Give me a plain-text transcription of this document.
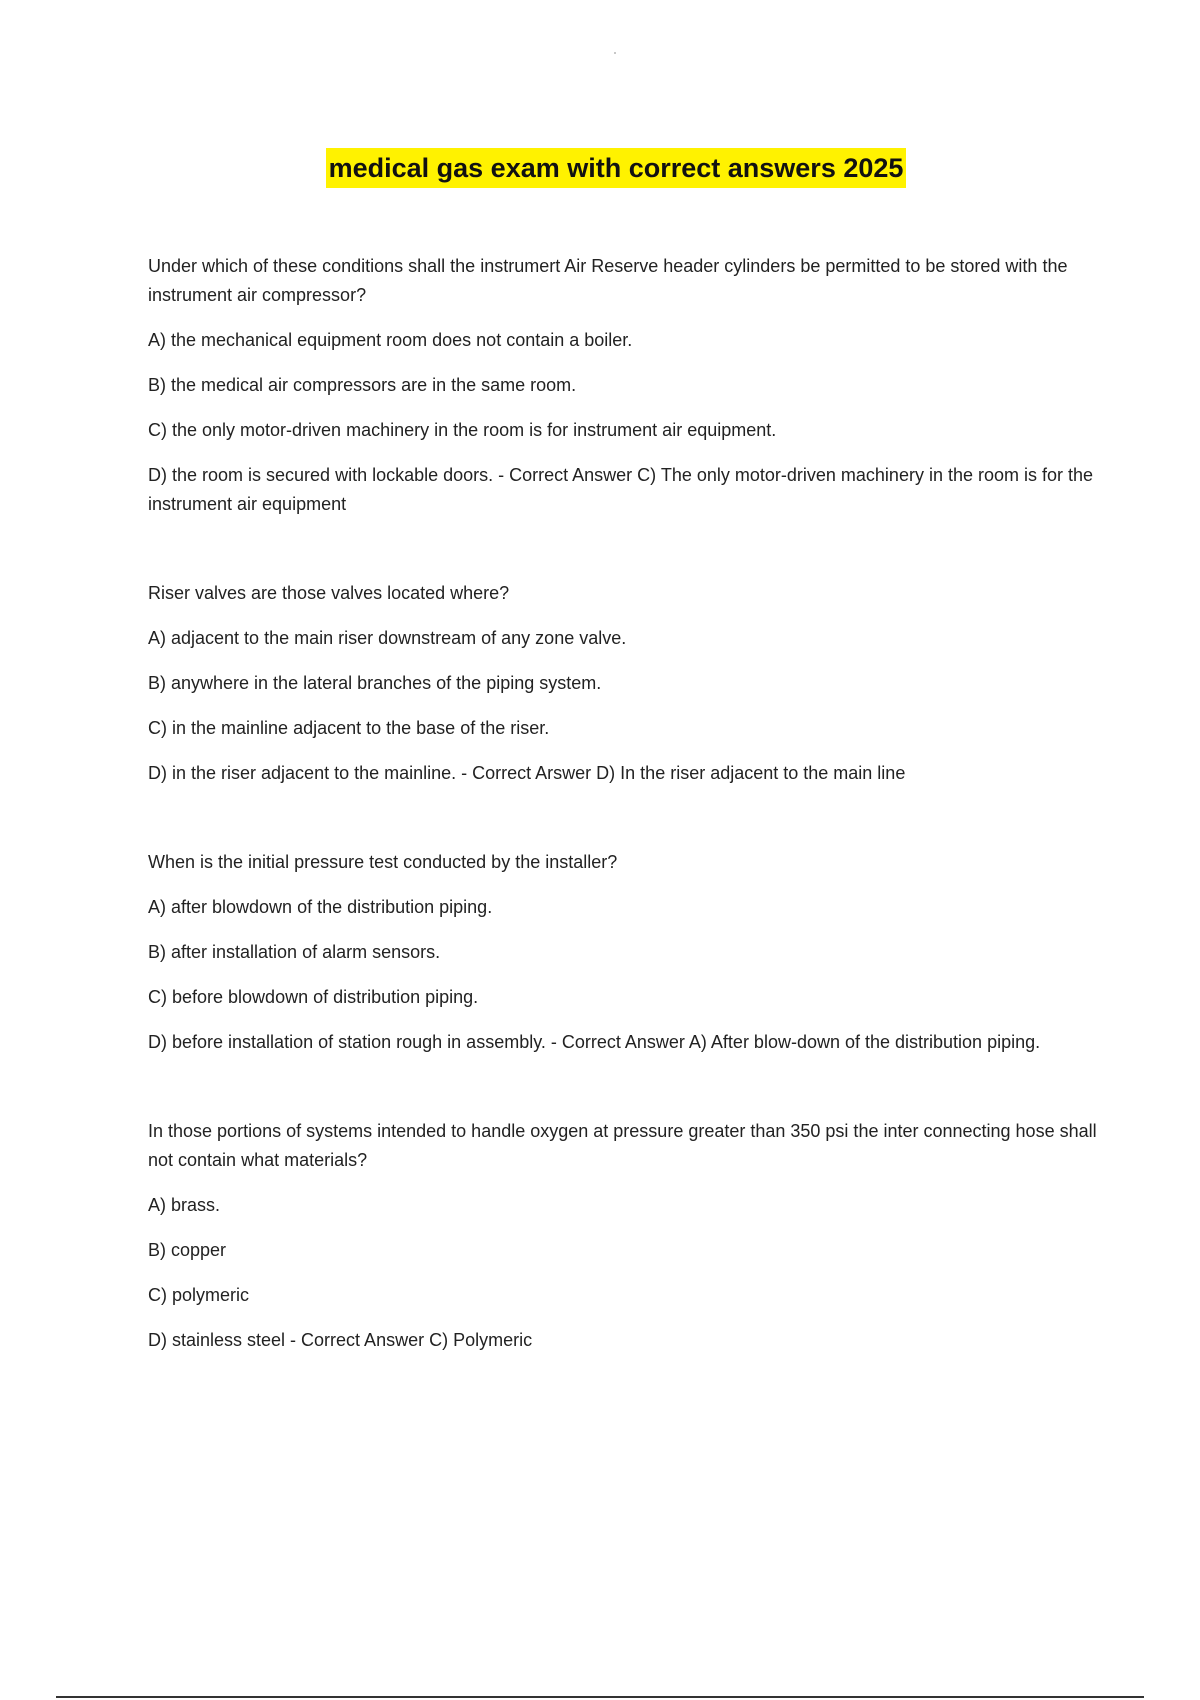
medical gas exam with correct answers 2025

Under which of these conditions shall the instrumert Air Reserve header cylinders be permitted to be stored with the instrument air compressor?

A) the mechanical equipment room does not contain a boiler.

B) the medical air compressors are in the same room.

C) the only motor-driven machinery in the room is for instrument air equipment.

D) the room is secured with lockable doors. - Correct Answer C) The only motor-driven machinery in the room is for the instrument air equipment

Riser valves are those valves located where?

A) adjacent to the main riser downstream of any zone valve.

B) anywhere in the lateral branches of the piping system.

C) in the mainline adjacent to the base of the riser.

D) in the riser adjacent to the mainline. - Correct Arswer D) In the riser adjacent to the main line

When is the initial pressure test conducted by the installer?

A) after blowdown of the distribution piping.

B) after installation of alarm sensors.

C) before blowdown of distribution piping.

D) before installation of station rough in assembly. - Correct Answer A) After blow-down of the distribution piping.

In those portions of systems intended to handle oxygen at pressure greater than 350 psi the inter connecting hose shall not contain what materials?

A) brass.

B) copper

C) polymeric

D) stainless steel - Correct Answer C) Polymeric
